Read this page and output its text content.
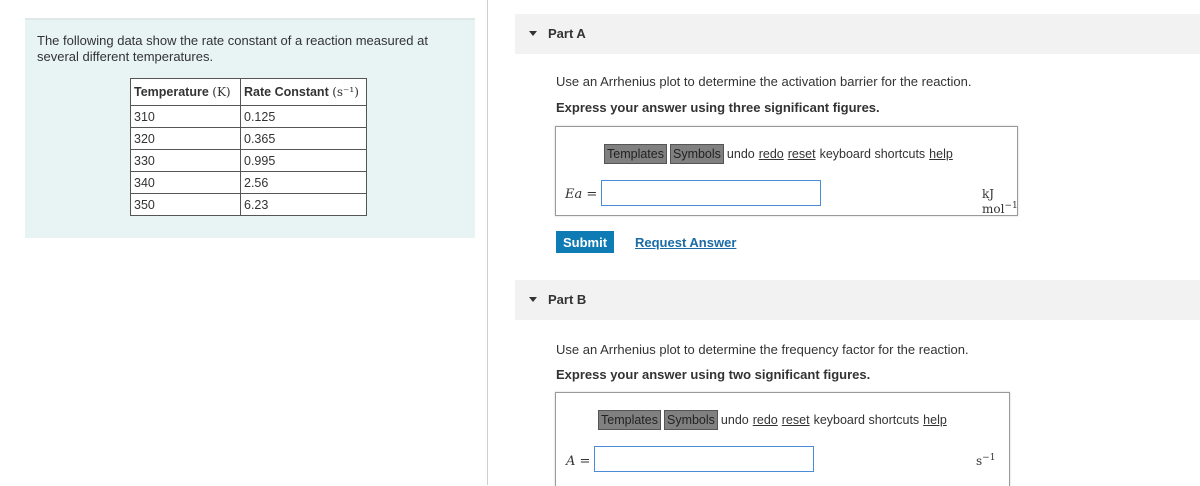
The following data show the rate constant of a reaction measured at several different temperatures.
Temperature (K)	Rate Constant (s⁻¹)
310	0.125
320	0.365
330	0.995
340	2.56
350	6.23
Part A
Use an Arrhenius plot to determine the activation barrier for the reaction.
Express your answer using three significant figures.
Templates Symbols undo redo reset keyboard shortcuts help
Ea =	kJ mol$^{-1}$
Submit	Request Answer
Part B
Use an Arrhenius plot to determine the frequency factor for the reaction.
Express your answer using two significant figures.
Templates Symbols undo redo reset keyboard shortcuts help
A =	$s^{-1}$
